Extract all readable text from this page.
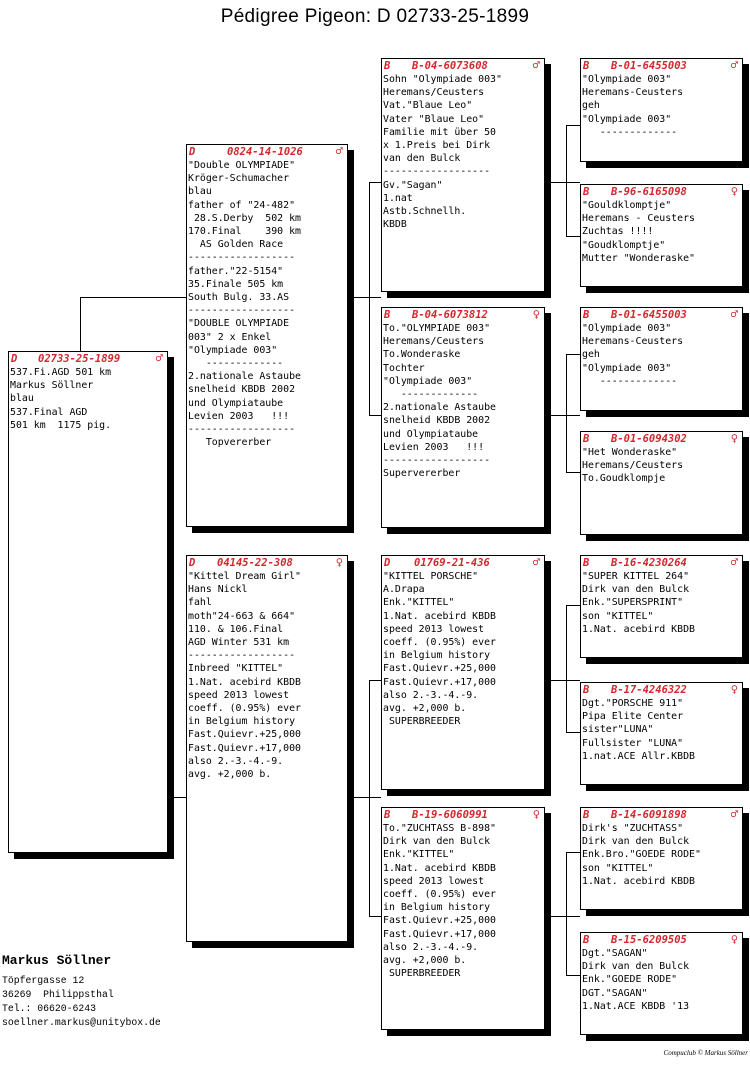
Pédigree Pigeon: D 02733-25-1899
D 02733-25-1899	♂
537.Fi.AGD 501 km
Markus Söllner
blau
537.Final AGD
501 km  1175 pig.
D	0824-14-1026	♂
"Double OLYMPIADE"
Kröger-Schumacher
blau
father of "24-482"
28.S.Derby  502 km
170.Final    390 km
AS Golden Race
------------------
father."22-5154"
35.Finale 505 km
South Bulg. 33.AS
------------------
"DOUBLE OLYMPIADE
003" 2 x Enkel
"Olympiade 003"
-------------
2.nationale Astaube
snelheid KBDB 2002
und Olympiataube
Levien 2003   !!!
------------------
Topvererber
D 04145-22-308	♀
"Kittel Dream Girl"
Hans Nickl
fahl
moth"24-663 & 664"
110. & 106.Final
AGD Winter 531 km
------------------
Inbreed "KITTEL"
1.Nat. acebird KBDB
speed 2013 lowest
coeff. (0.95%) ever
in Belgium history
Fast.Quievr.+25,000
Fast.Quievr.+17,000
also 2.-3.-4.-9.
avg. +2,000 b.
B B-04-6073608	♂
Sohn "Olympiade 003"
Heremans/Ceusters
Vat."Blaue Leo"
Vater "Blaue Leo"
Familie mit über 50
x 1.Preis bei Dirk
van den Bulck
------------------
Gv."Sagan"
1.nat
Astb.Schnellh.
KBDB
B B-04-6073812	♀
To."OLYMPIADE 003"
Heremans/Ceusters
To.Wonderaske
Tochter
"Olympiade 003"
-------------
2.nationale Astaube
snelheid KBDB 2002
und Olympiataube
Levien 2003   !!!
------------------
Supervererber
D 01769-21-436	♂
"KITTEL PORSCHE"
A.Drapa
Enk."KITTEL"
1.Nat. acebird KBDB
speed 2013 lowest
coeff. (0.95%) ever
in Belgium history
Fast.Quievr.+25,000
Fast.Quievr.+17,000
also 2.-3.-4.-9.
avg. +2,000 b.
SUPERBREEDER
B B-19-6060991	♀
To."ZUCHTASS B-898"
Dirk van den Bulck
Enk."KITTEL"
1.Nat. acebird KBDB
speed 2013 lowest
coeff. (0.95%) ever
in Belgium history
Fast.Quievr.+25,000
Fast.Quievr.+17,000
also 2.-3.-4.-9.
avg. +2,000 b.
SUPERBREEDER
B B-01-6455003	♂
"Olympiade 003"
Heremans-Ceusters
geh
"Olympiade 003"
-------------
B B-96-6165098	♀
"Gouldklomptje"
Heremans - Ceusters
Zuchtas !!!!
"Goudklomptje"
Mutter "Wonderaske"
B B-01-6455003	♂
"Olympiade 003"
Heremans-Ceusters
geh
"Olympiade 003"
-------------
B B-01-6094302	♀
"Het Wonderaske"
Heremans/Ceusters
To.Goudklompje
B B-16-4230264	♂
"SUPER KITTEL 264"
Dirk van den Bulck
Enk."SUPERSPRINT"
son "KITTEL"
1.Nat. acebird KBDB
B B-17-4246322	♀
Dgt."PORSCHE 911"
Pipa Elite Center
sister"LUNA"
Fullsister "LUNA"
1.nat.ACE Allr.KBDB
B B-14-6091898	♂
Dirk's "ZUCHTASS"
Dirk van den Bulck
Enk.Bro."GOEDE RODE"
son "KITTEL"
1.Nat. acebird KBDB
B B-15-6209505	♀
Dgt."SAGAN"
Dirk van den Bulck
Enk."GOEDE RODE"
DGT."SAGAN"
1.Nat.ACE KBDB '13
Markus Söllner
Töpfergasse 12
36269  Philippsthal
Tel.: 06620-6243
soellner.markus@unitybox.de
Compuclub © Markus Söllner
